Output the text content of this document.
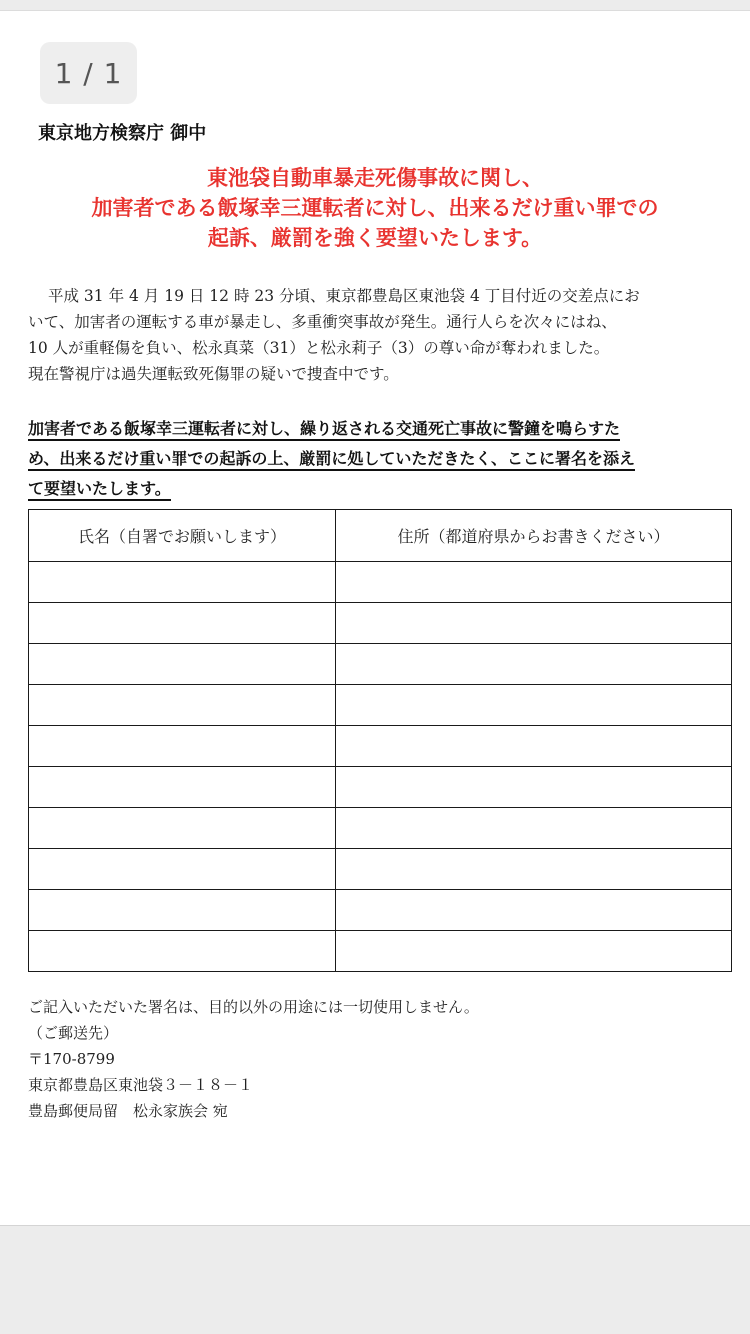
1 / 1
東京地方検察庁 御中
東池袋自動車暴走死傷事故に関し、
加害者である飯塚幸三運転者に対し、出来るだけ重い罪での
起訴、厳罰を強く要望いたします。
平成 31 年 4 月 19 日 12 時 23 分頃、東京都豊島区東池袋 4 丁目付近の交差点にお
いて、加害者の運転する車が暴走し、多重衝突事故が発生。通行人らを次々にはね、
10 人が重軽傷を負い、松永真菜（31）と松永莉子（3）の尊い命が奪われました。
現在警視庁は過失運転致死傷罪の疑いで捜査中です。
加害者である飯塚幸三運転者に対し、繰り返される交通死亡事故に警鐘を鳴らすた
め、出来るだけ重い罪での起訴の上、厳罰に処していただきたく、ここに署名を添え
て要望いたします。
氏名（自署でお願いします）	住所（都道府県からお書きください）

ご記入いただいた署名は、目的以外の用途には一切使用しません。
（ご郵送先）
〒170-8799
東京都豊島区東池袋３－１８－１
豊島郵便局留　松永家族会 宛
